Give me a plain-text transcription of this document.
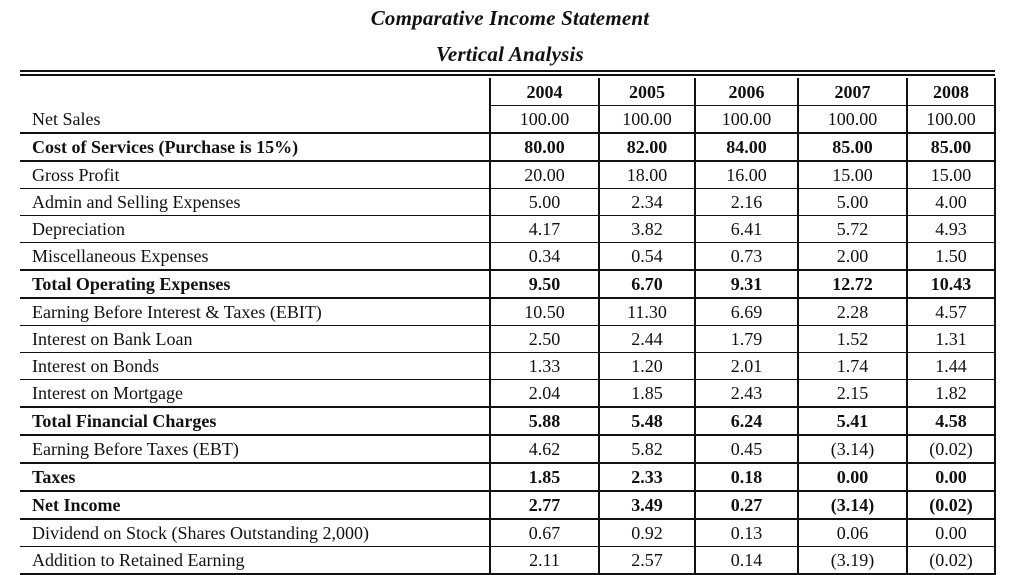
Comparative Income Statement
Vertical Analysis
	2004	2005	2006	2007	2008
Net Sales	100.00	100.00	100.00	100.00	100.00
Cost of Services (Purchase is 15%)	80.00	82.00	84.00	85.00	85.00
Gross Profit	20.00	18.00	16.00	15.00	15.00
Admin and Selling Expenses	5.00	2.34	2.16	5.00	4.00
Depreciation	4.17	3.82	6.41	5.72	4.93
Miscellaneous Expenses	0.34	0.54	0.73	2.00	1.50
Total Operating Expenses	9.50	6.70	9.31	12.72	10.43
Earning Before Interest & Taxes (EBIT)	10.50	11.30	6.69	2.28	4.57
Interest on Bank Loan	2.50	2.44	1.79	1.52	1.31
Interest on Bonds	1.33	1.20	2.01	1.74	1.44
Interest on Mortgage	2.04	1.85	2.43	2.15	1.82
Total Financial Charges	5.88	5.48	6.24	5.41	4.58
Earning Before Taxes (EBT)	4.62	5.82	0.45	(3.14)	(0.02)
Taxes	1.85	2.33	0.18	0.00	0.00
Net Income	2.77	3.49	0.27	(3.14)	(0.02)
Dividend on Stock (Shares Outstanding 2,000)	0.67	0.92	0.13	0.06	0.00
Addition to Retained Earning	2.11	2.57	0.14	(3.19)	(0.02)
